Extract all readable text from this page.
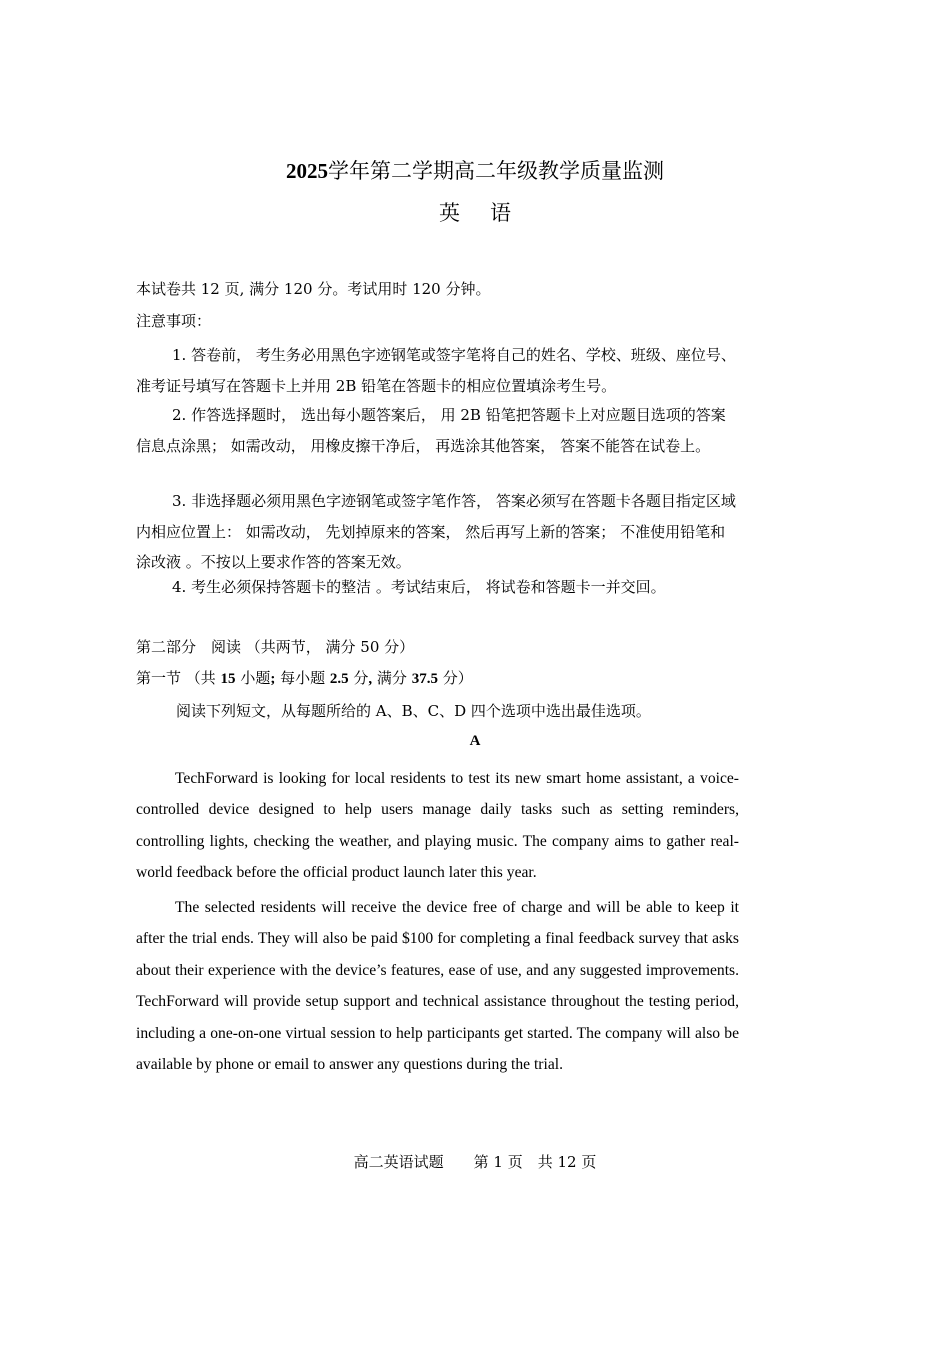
2025学年第二学期高二年级教学质量监测
英语
本试卷共 12 页, 满分 120 分。考试用时 120 分钟。
注意事项：
1. 答卷前， 考生务必用黑色字迹钢笔或签字笔将自己的姓名、学校、班级、座位号、准考证号填写在答题卡上并用 2B 铅笔在答题卡的相应位置填涂考生号。
2. 作答选择题时， 选出每小题答案后， 用 2B 铅笔把答题卡上对应题目选项的答案信息点涂黑； 如需改动， 用橡皮擦干净后， 再选涂其他答案， 答案不能答在试卷上。
3. 非选择题必须用黑色字迹钢笔或签字笔作答， 答案必须写在答题卡各题目指定区域内相应位置上： 如需改动， 先划掉原来的答案， 然后再写上新的答案； 不准使用铅笔和涂改液 。不按以上要求作答的答案无效。
4. 考生必须保持答题卡的整洁 。考试结束后， 将试卷和答题卡一并交回。
第二部分　阅读 （共两节， 满分 50 分）
第一节 （共 15 小题; 每小题 2.5 分, 满分 37.5 分）
阅读下列短文，从每题所给的 A、B、C、D 四个选项中选出最佳选项。
A
TechForward is looking for local residents to test its new smart home assistant, a voice-controlled device designed to help users manage daily tasks such as setting reminders, controlling lights, checking the weather, and playing music. The company aims to gather real-world feedback before the official product launch later this year.
The selected residents will receive the device free of charge and will be able to keep it after the trial ends. They will also be paid $100 for completing a final feedback survey that asks about their experience with the device’s features, ease of use, and any suggested improvements. TechForward will provide setup support and technical assistance throughout the testing period, including a one-on-one virtual session to help participants get started. The company will also be available by phone or email to answer any questions during the trial.
高二英语试题　　第 1 页　共 12 页
